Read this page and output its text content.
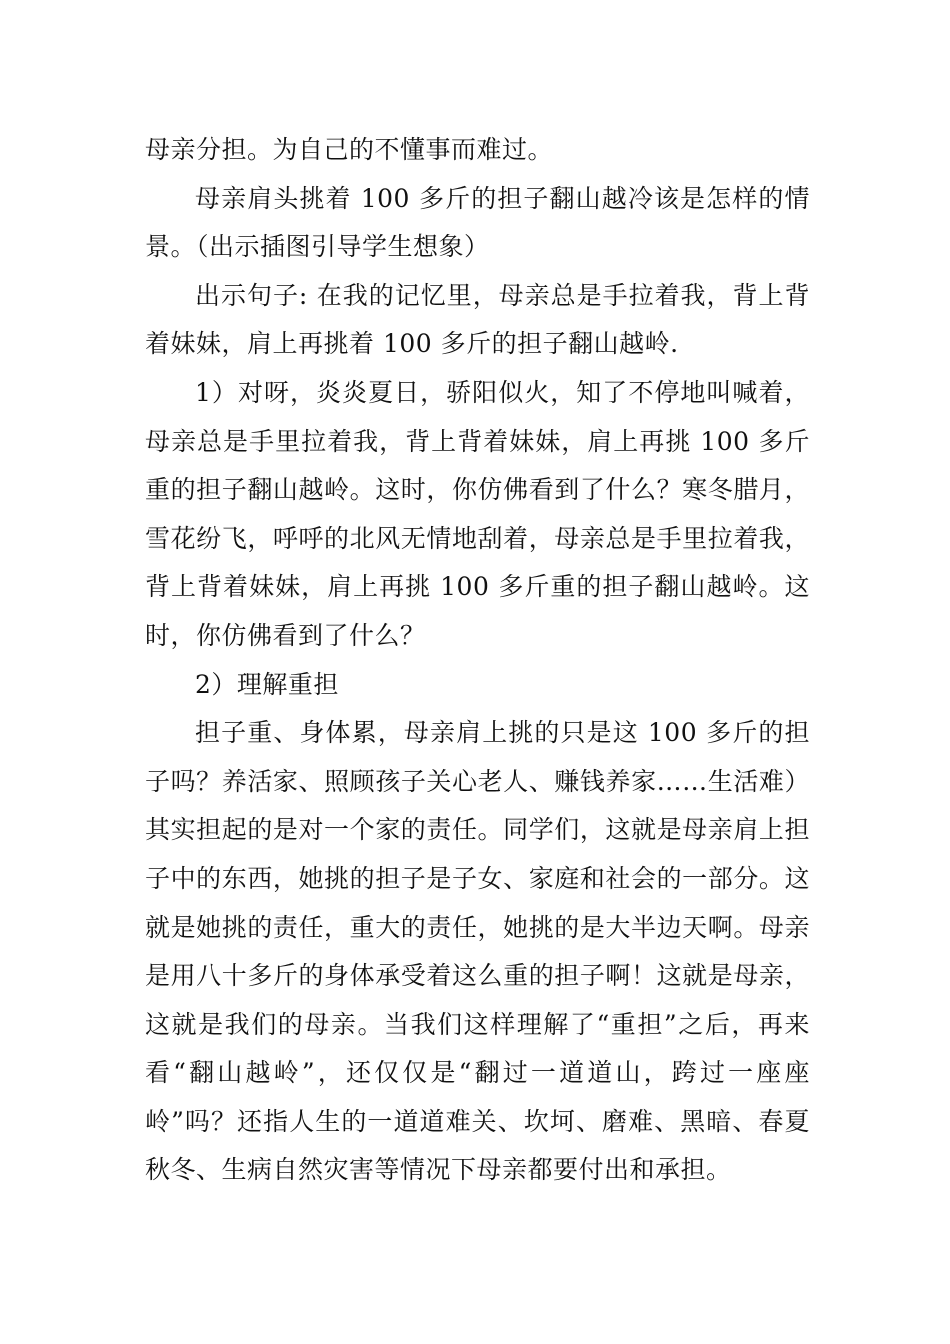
母亲分担。为自己的不懂事而难过。

母亲肩头挑着 100 多斤的担子翻山越冷该是怎样的情景。（出示插图引导学生想象）

出示句子: 在我的记忆里，母亲总是手拉着我，背上背着妹妹，肩上再挑着 100 多斤的担子翻山越岭.

1）对呀，炎炎夏日，骄阳似火，知了不停地叫喊着，母亲总是手里拉着我，背上背着妹妹，肩上再挑 100 多斤重的担子翻山越岭。这时，你仿佛看到了什么？寒冬腊月，雪花纷飞，呼呼的北风无情地刮着，母亲总是手里拉着我，背上背着妹妹，肩上再挑 100 多斤重的担子翻山越岭。这时，你仿佛看到了什么？

2）理解重担

担子重、身体累，母亲肩上挑的只是这 100 多斤的担子吗？养活家、照顾孩子关心老人、赚钱养家……生活难）其实担起的是对一个家的责任。同学们，这就是母亲肩上担子中的东西，她挑的担子是子女、家庭和社会的一部分。这就是她挑的责任，重大的责任，她挑的是大半边天啊。母亲是用八十多斤的身体承受着这么重的担子啊！这就是母亲，这就是我们的母亲。当我们这样理解了“重担”之后，再来看“翻山越岭”，还仅仅是“翻过一道道山，跨过一座座岭”吗？还指人生的一道道难关、坎坷、磨难、黑暗、春夏秋冬、生病自然灾害等情况下母亲都要付出和承担。
